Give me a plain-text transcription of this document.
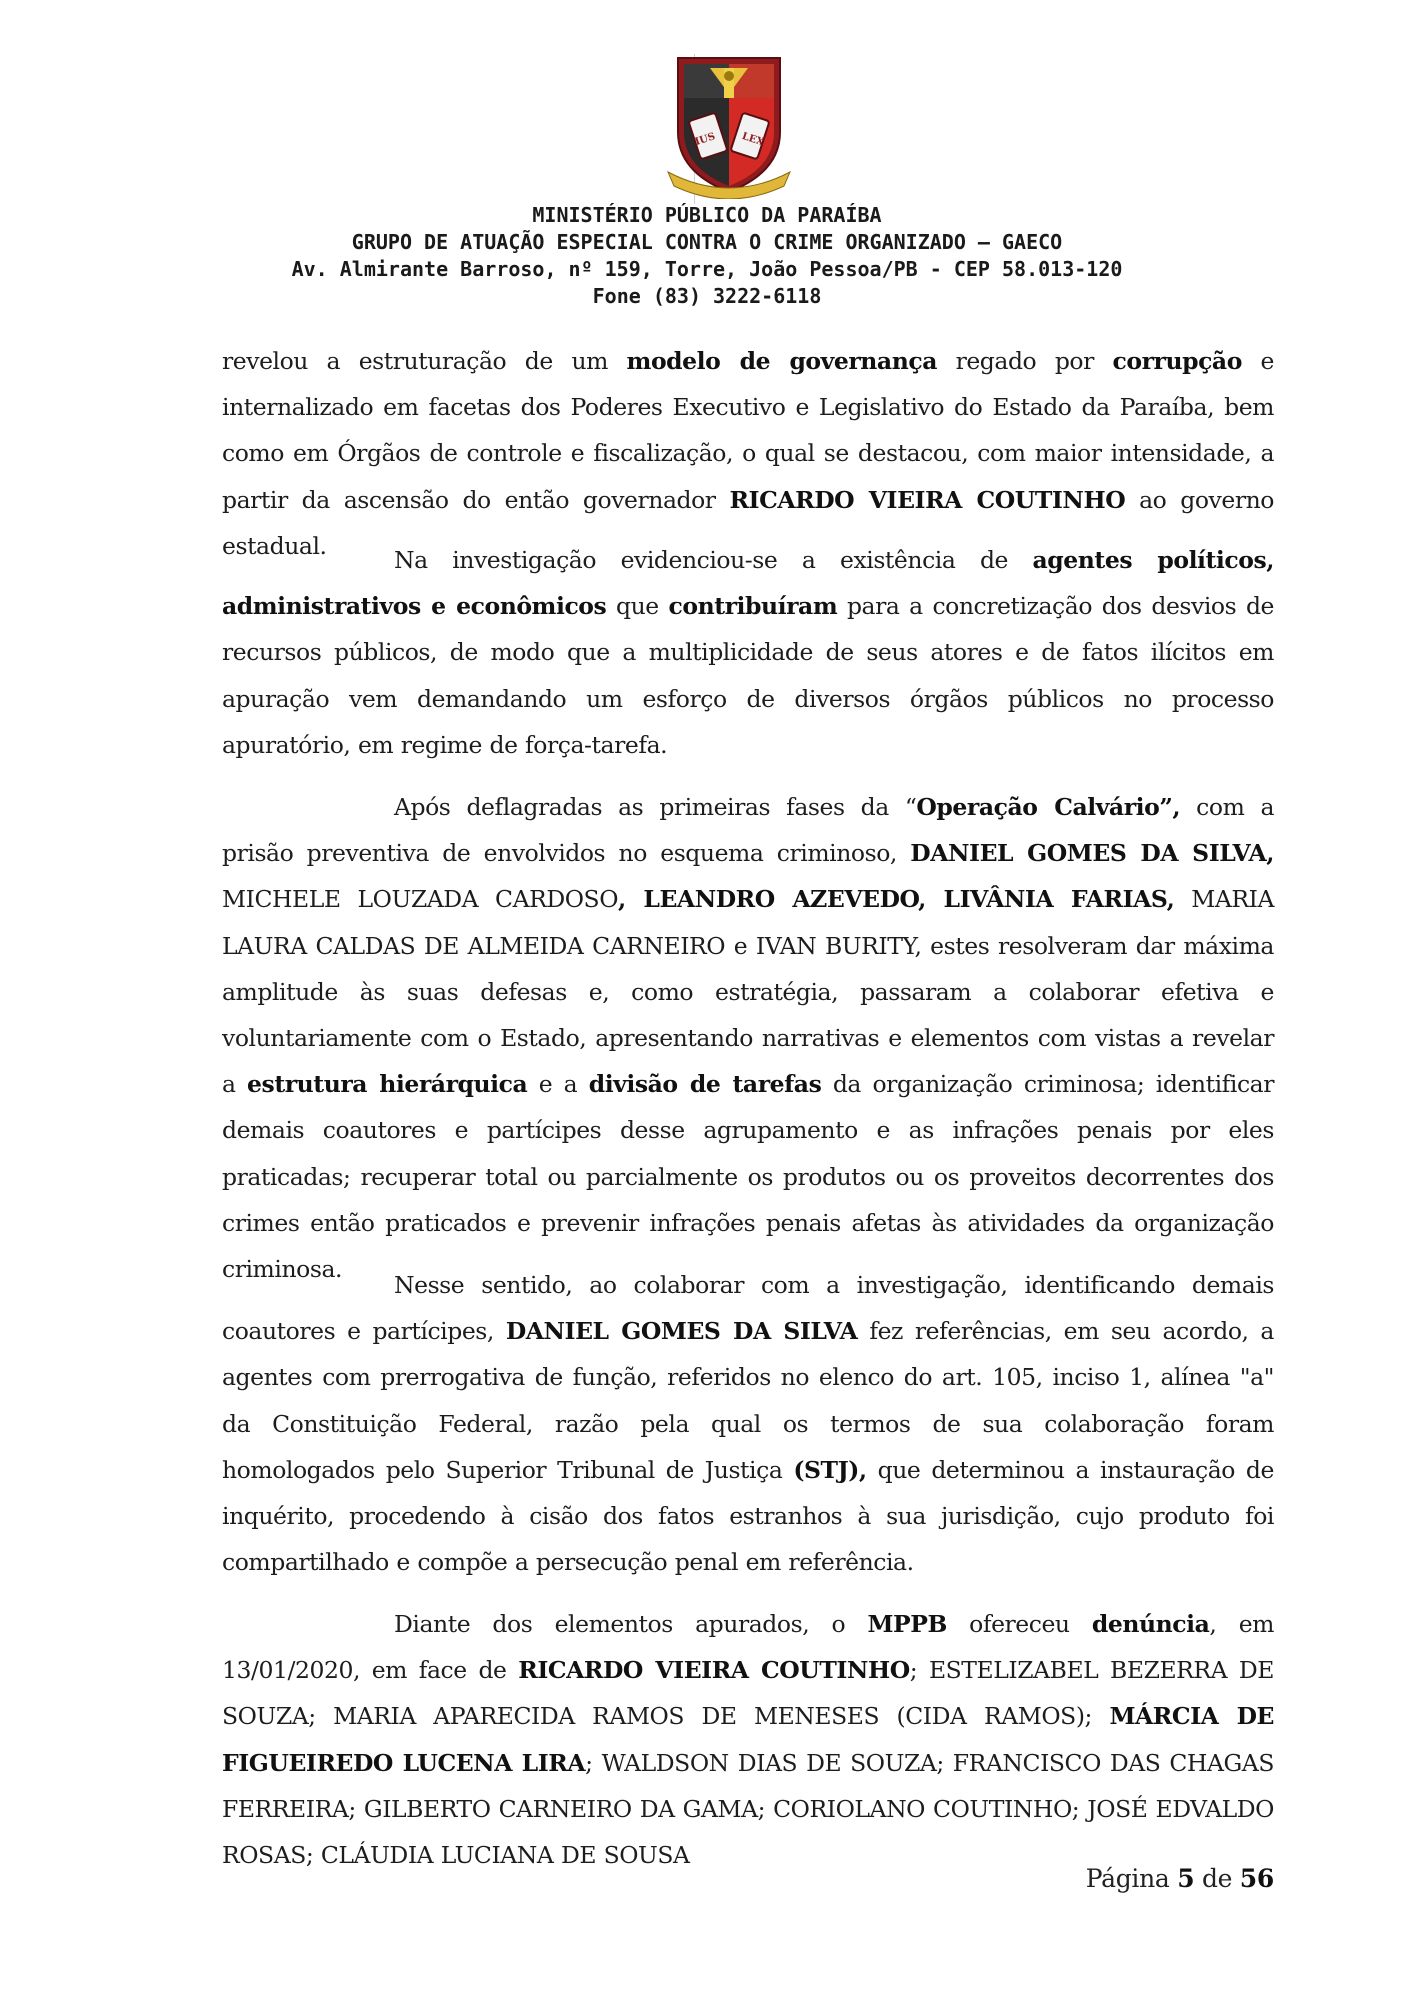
IUS LEX
MINISTÉRIO PÚBLICO DA PARAÍBA
GRUPO DE ATUAÇÃO ESPECIAL CONTRA O CRIME ORGANIZADO – GAECO
Av. Almirante Barroso, nº 159, Torre, João Pessoa/PB - CEP 58.013-120
Fone (83) 3222-6118

revelou a estruturação de um modelo de governança regado por corrupção e internalizado em facetas dos Poderes Executivo e Legislativo do Estado da Paraíba, bem como em Órgãos de controle e fiscalização, o qual se destacou, com maior intensidade, a partir da ascensão do então governador RICARDO VIEIRA COUTINHO ao governo estadual.

Na investigação evidenciou-se a existência de agentes políticos, administrativos e econômicos que contribuíram para a concretização dos desvios de recursos públicos, de modo que a multiplicidade de seus atores e de fatos ilícitos em apuração vem demandando um esforço de diversos órgãos públicos no processo apuratório, em regime de força-tarefa.

Após deflagradas as primeiras fases da “Operação Calvário”, com a prisão preventiva de envolvidos no esquema criminoso, DANIEL GOMES DA SILVA, MICHELE LOUZADA CARDOSO, LEANDRO AZEVEDO, LIVÂNIA FARIAS, MARIA LAURA CALDAS DE ALMEIDA CARNEIRO e IVAN BURITY, estes resolveram dar máxima amplitude às suas defesas e, como estratégia, passaram a colaborar efetiva e voluntariamente com o Estado, apresentando narrativas e elementos com vistas a revelar a estrutura hierárquica e a divisão de tarefas da organização criminosa; identificar demais coautores e partícipes desse agrupamento e as infrações penais por eles praticadas; recuperar total ou parcialmente os produtos ou os proveitos decorrentes dos crimes então praticados e prevenir infrações penais afetas às atividades da organização criminosa.

Nesse sentido, ao colaborar com a investigação, identificando demais coautores e partícipes, DANIEL GOMES DA SILVA fez referências, em seu acordo, a agentes com prerrogativa de função, referidos no elenco do art. 105, inciso 1, alínea "a" da Constituição Federal, razão pela qual os termos de sua colaboração foram homologados pelo Superior Tribunal de Justiça (STJ), que determinou a instauração de inquérito, procedendo à cisão dos fatos estranhos à sua jurisdição, cujo produto foi compartilhado e compõe a persecução penal em referência.

Diante dos elementos apurados, o MPPB ofereceu denúncia, em 13/01/2020, em face de RICARDO VIEIRA COUTINHO; ESTELIZABEL BEZERRA DE SOUZA; MARIA APARECIDA RAMOS DE MENESES (CIDA RAMOS); MÁRCIA DE FIGUEIREDO LUCENA LIRA; WALDSON DIAS DE SOUZA; FRANCISCO DAS CHAGAS FERREIRA; GILBERTO CARNEIRO DA GAMA; CORIOLANO COUTINHO; JOSÉ EDVALDO ROSAS; CLÁUDIA LUCIANA DE SOUSA

Página 5 de 56
